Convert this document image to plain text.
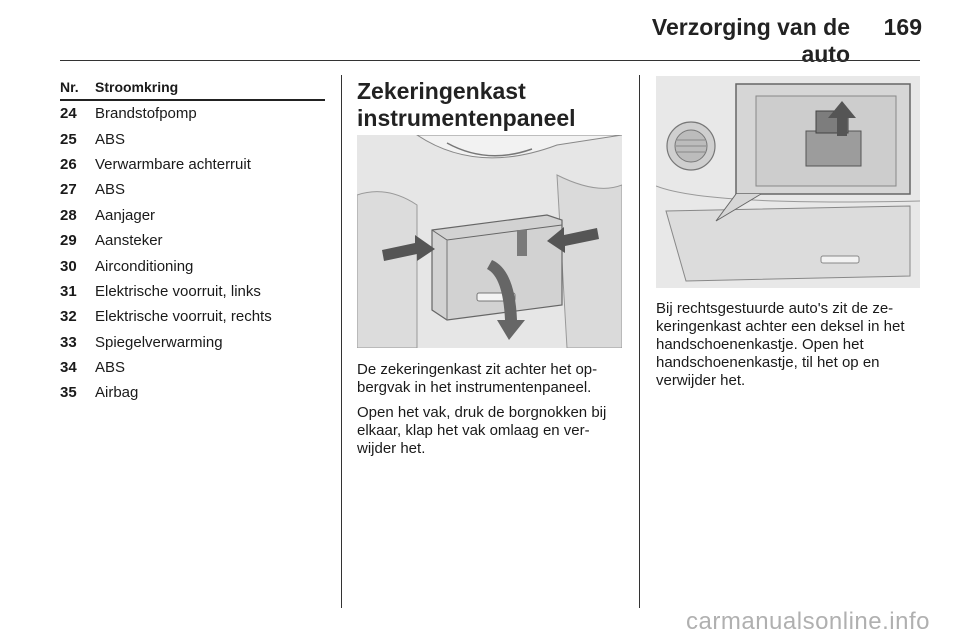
Verzorging van de auto
169
Nr.	Stroomkring
24	Brandstofpomp
25	ABS
26	Verwarmbare achterruit
27	ABS
28	Aanjager
29	Aansteker
30	Airconditioning
31	Elektrische voorruit, links
32	Elektrische voorruit, rechts
33	Spiegelverwarming
34	ABS
35	Airbag
Zekeringenkast
instrumentenpaneel

De zekeringenkast zit achter het op-bergvak in het instrumentenpaneel.

Open het vak, druk de borgnokken bij elkaar, klap het vak omlaag en ver-wijder het.

Bij rechtsgestuurde auto's zit de ze-keringenkast achter een deksel in het handschoenenkastje. Open het handschoenenkastje, til het op en verwijder het.

carmanualsonline.info
